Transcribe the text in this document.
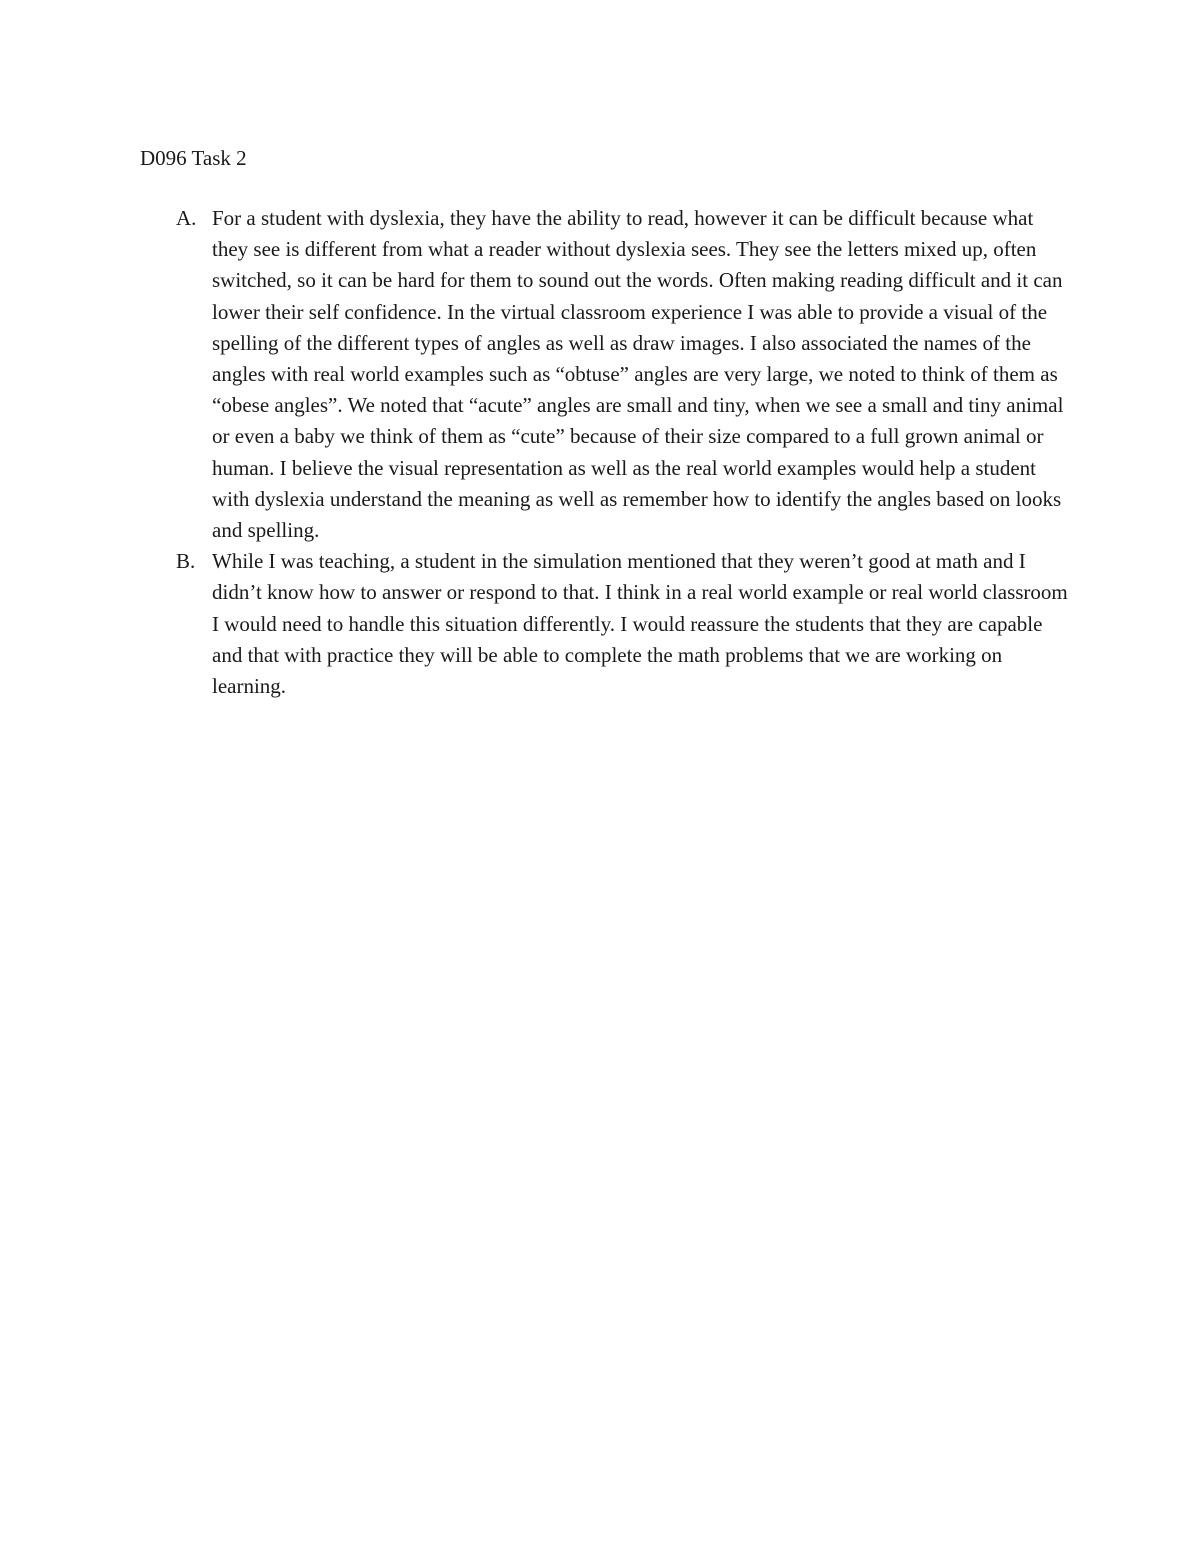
D096 Task 2
A. For a student with dyslexia, they have the ability to read, however it can be difficult because what they see is different from what a reader without dyslexia sees. They see the letters mixed up, often switched, so it can be hard for them to sound out the words. Often making reading difficult and it can lower their self confidence. In the virtual classroom experience I was able to provide a visual of the spelling of the different types of angles as well as draw images. I also associated the names of the angles with real world examples such as “obtuse” angles are very large, we noted to think of them as “obese angles”. We noted that “acute” angles are small and tiny, when we see a small and tiny animal or even a baby we think of them as “cute” because of their size compared to a full grown animal or human. I believe the visual representation as well as the real world examples would help a student with dyslexia understand the meaning as well as remember how to identify the angles based on looks and spelling.
B. While I was teaching, a student in the simulation mentioned that they weren’t good at math and I didn’t know how to answer or respond to that. I think in a real world example or real world classroom I would need to handle this situation differently. I would reassure the students that they are capable and that with practice they will be able to complete the math problems that we are working on learning.
